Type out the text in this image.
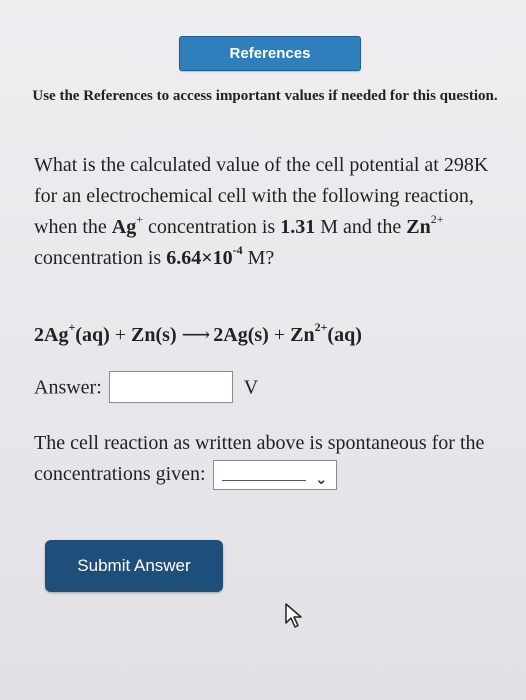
References
Use the References to access important values if needed for this question.
What is the calculated value of the cell potential at 298K for an electrochemical cell with the following reaction, when the Ag+ concentration is 1.31 M and the $Zn^{2+}$ concentration is $6.64\times 10^{-4}$ M?
2Ag+(aq) + Zn(s) ⟶ $2Ag(s) + Zn^{2+}(aq)$
Answer:	V
The cell reaction as written above is spontaneous for the concentrations given:	⌄
Submit Answer
